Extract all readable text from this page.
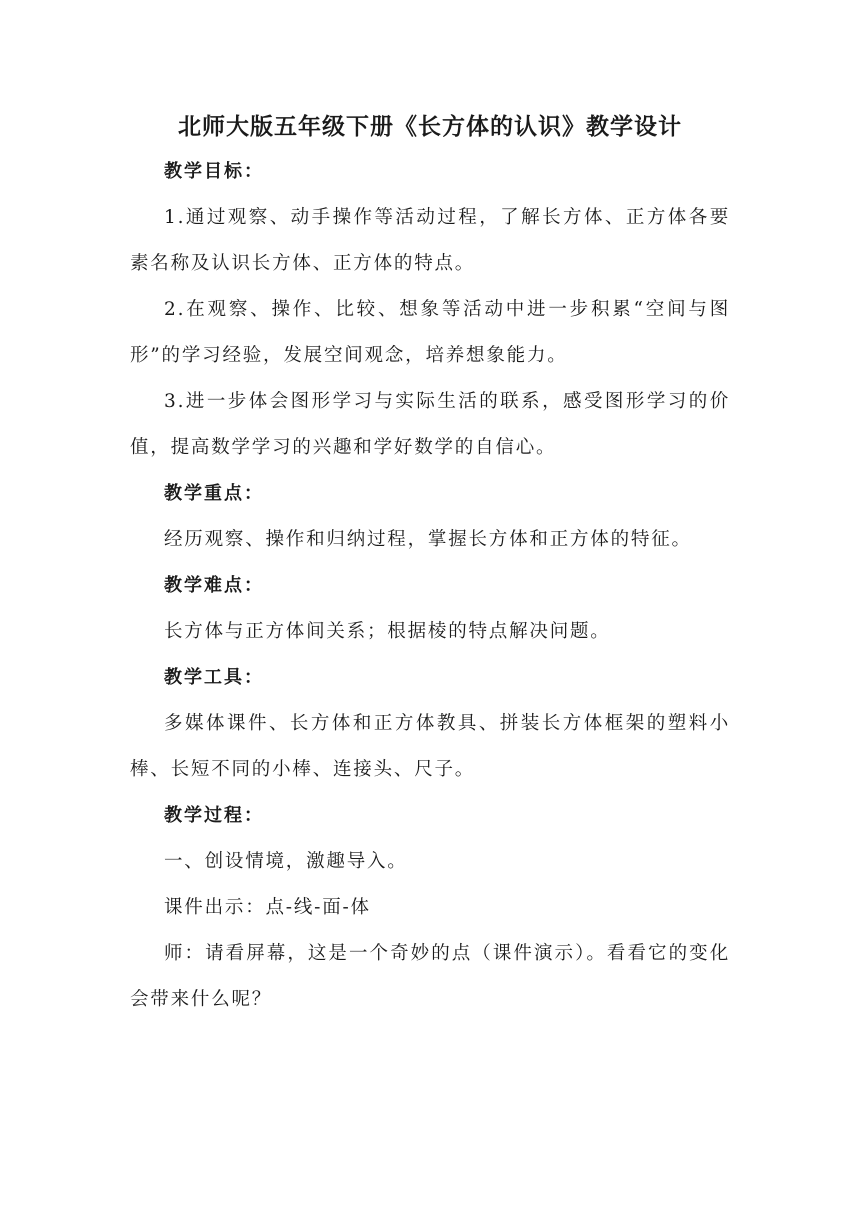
北师大版五年级下册《长方体的认识》教学设计

教学目标：

1.通过观察、动手操作等活动过程，了解长方体、正方体各要素名称及认识长方体、正方体的特点。

2.在观察、操作、比较、想象等活动中进一步积累“空间与图形”的学习经验，发展空间观念，培养想象能力。

3.进一步体会图形学习与实际生活的联系，感受图形学习的价值，提高数学学习的兴趣和学好数学的自信心。

教学重点：

经历观察、操作和归纳过程，掌握长方体和正方体的特征。

教学难点：

长方体与正方体间关系；根据棱的特点解决问题。

教学工具：

多媒体课件、长方体和正方体教具、拼装长方体框架的塑料小棒、长短不同的小棒、连接头、尺子。

教学过程：

一、创设情境，激趣导入。

课件出示：点-线-面-体

师：请看屏幕，这是一个奇妙的点（课件演示）。看看它的变化会带来什么呢？
